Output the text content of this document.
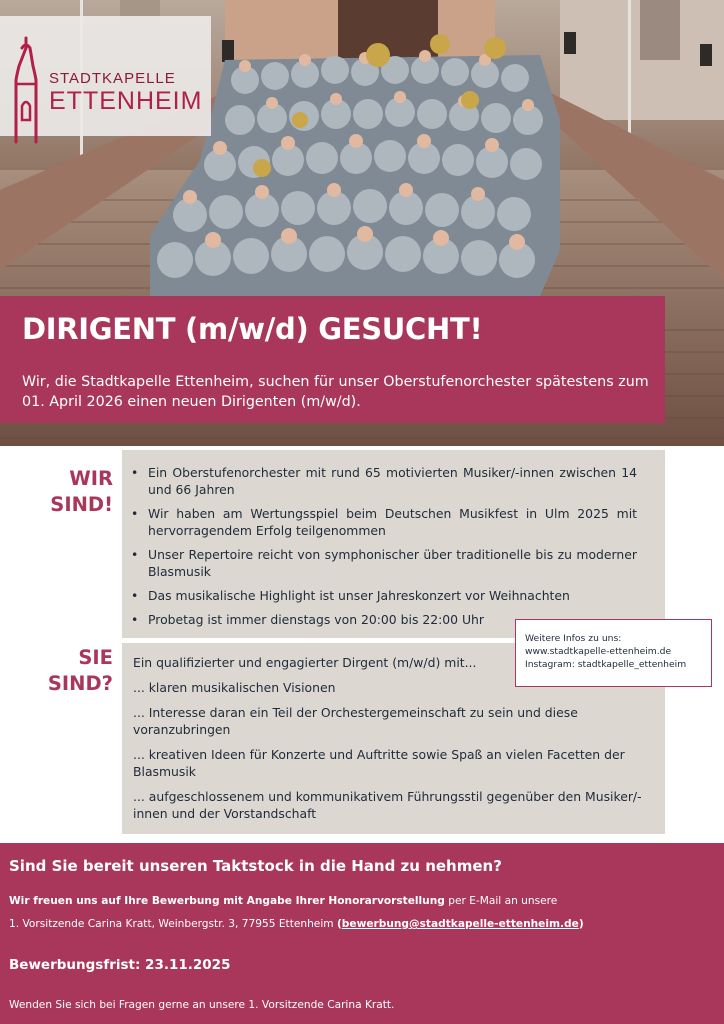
STADTKAPELLE
ETTENHEIM
DIRIGENT (m/w/d) GESUCHT!

Wir, die Stadtkapelle Ettenheim, suchen für unser Oberstufenorchester spätestens zum 01. April 2026 einen neuen Dirigenten (m/w/d).

WIR
SIND!
• Ein Oberstufenorchester mit rund 65 motivierten Musiker/-innen zwischen 14 und 66 Jahren
• Wir haben am Wertungsspiel beim Deutschen Musikfest in Ulm 2025 mit hervorragendem Erfolg teilgenommen
• Unser Repertoire reicht von symphonischer über traditionelle bis zu moderner Blasmusik
• Das musikalische Highlight ist unser Jahreskonzert vor Weihnachten
• Probetag ist immer dienstags von 20:00 bis 22:00 Uhr
SIE
SIND?

Ein qualifizierter und engagierter Dirgent (m/w/d) mit...

... klaren musikalischen Visionen

... Interesse daran ein Teil der Orchestergemeinschaft zu sein und diese voranzubringen

... kreativen Ideen für Konzerte und Auftritte sowie Spaß an vielen Facetten der Blasmusik

... aufgeschlossenem und kommunikativem Führungsstil gegenüber den Musiker/-innen und der Vorstandschaft

Weitere Infos zu uns:
www.stadtkapelle-ettenheim.de
Instagram: stadtkapelle_ettenheim
Sind Sie bereit unseren Taktstock in die Hand zu nehmen?
Wir freuen uns auf Ihre Bewerbung mit Angabe Ihrer Honorarvorstellung per E-Mail an unsere
1. Vorsitzende Carina Kratt, Weinbergstr. 3, 77955 Ettenheim (bewerbung@stadtkapelle-ettenheim.de)
Bewerbungsfrist: 23.11.2025
Wenden Sie sich bei Fragen gerne an unsere 1. Vorsitzende Carina Kratt.
